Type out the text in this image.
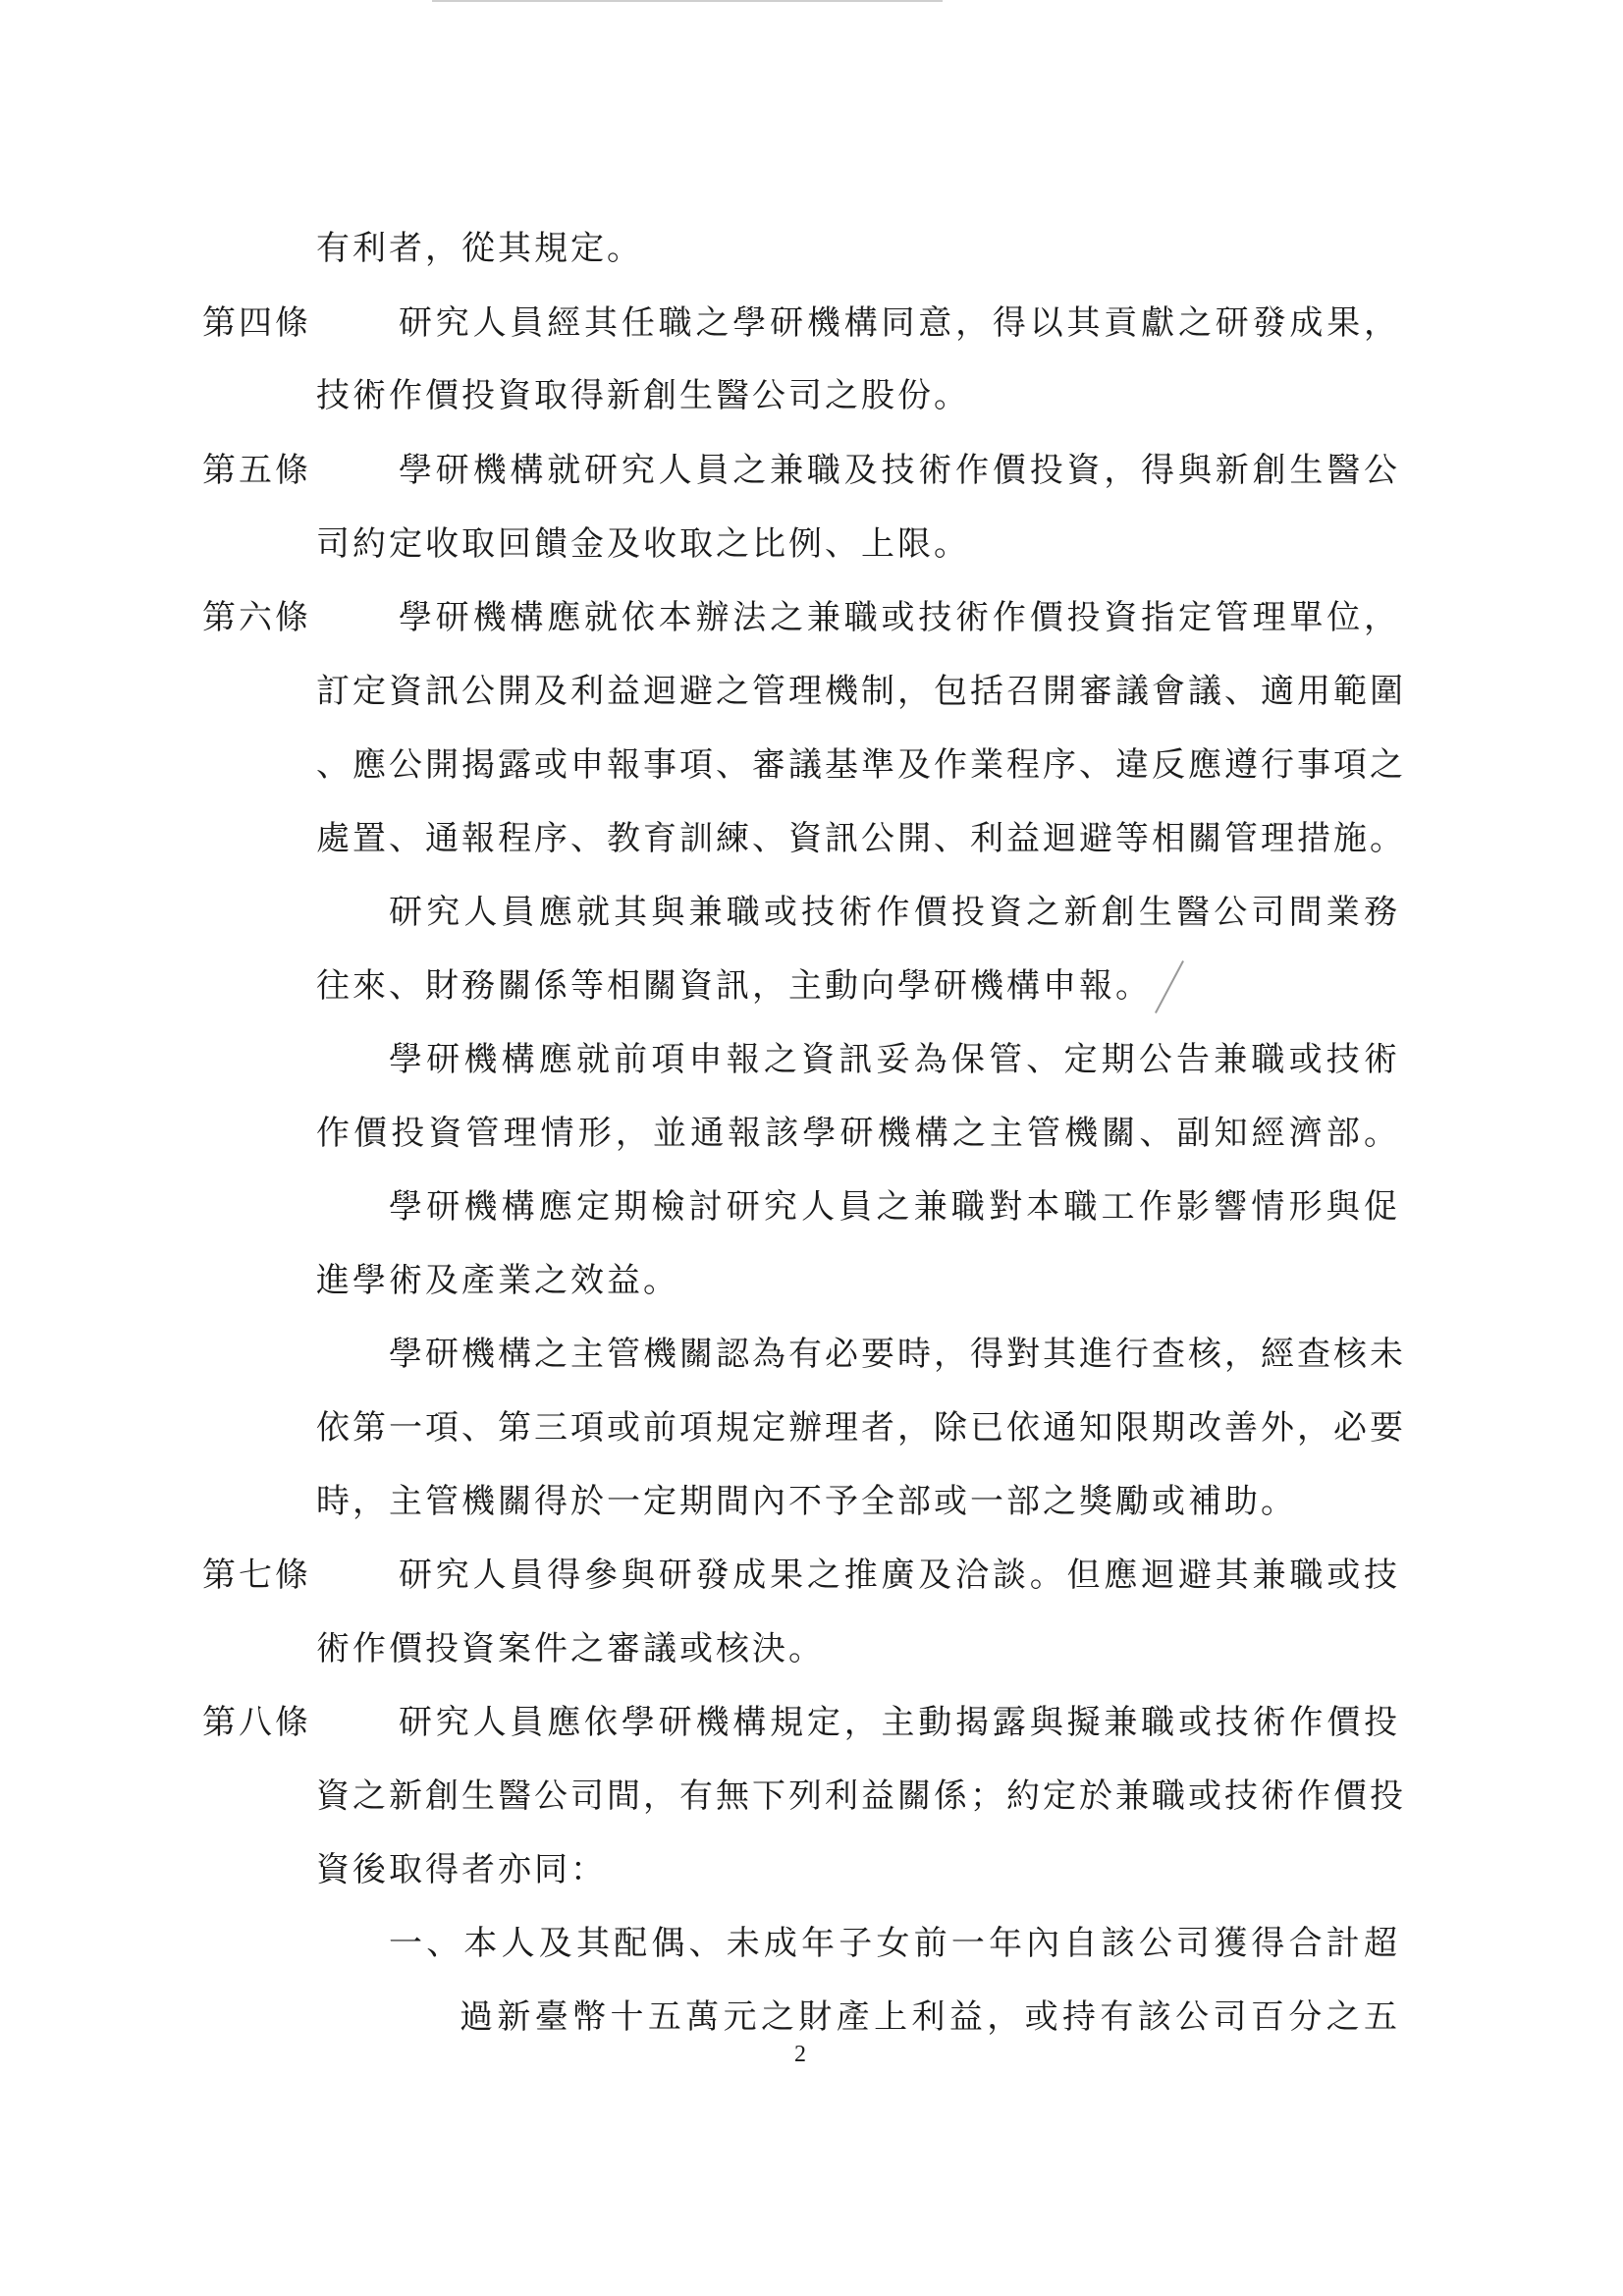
有利者，從其規定。
第四條	研究人員經其任職之學研機構同意，得以其貢獻之研發成果，
技術作價投資取得新創生醫公司之股份。
第五條	學研機構就研究人員之兼職及技術作價投資，得與新創生醫公
司約定收取回饋金及收取之比例、上限。
第六條	學研機構應就依本辦法之兼職或技術作價投資指定管理單位，
訂定資訊公開及利益迴避之管理機制，包括召開審議會議、適用範圍
、應公開揭露或申報事項、審議基準及作業程序、違反應遵行事項之
處置、通報程序、教育訓練、資訊公開、利益迴避等相關管理措施。
研究人員應就其與兼職或技術作價投資之新創生醫公司間業務
往來、財務關係等相關資訊，主動向學研機構申報。
學研機構應就前項申報之資訊妥為保管、定期公告兼職或技術
作價投資管理情形，並通報該學研機構之主管機關、副知經濟部。
學研機構應定期檢討研究人員之兼職對本職工作影響情形與促
進學術及產業之效益。
學研機構之主管機關認為有必要時，得對其進行查核，經查核未
依第一項、第三項或前項規定辦理者，除已依通知限期改善外，必要
時，主管機關得於一定期間內不予全部或一部之獎勵或補助。
第七條	研究人員得參與研發成果之推廣及洽談。但應迴避其兼職或技
術作價投資案件之審議或核決。
第八條	研究人員應依學研機構規定，主動揭露與擬兼職或技術作價投
資之新創生醫公司間，有無下列利益關係；約定於兼職或技術作價投
資後取得者亦同：
一、本人及其配偶、未成年子女前一年內自該公司獲得合計超
過新臺幣十五萬元之財產上利益，或持有該公司百分之五
2
